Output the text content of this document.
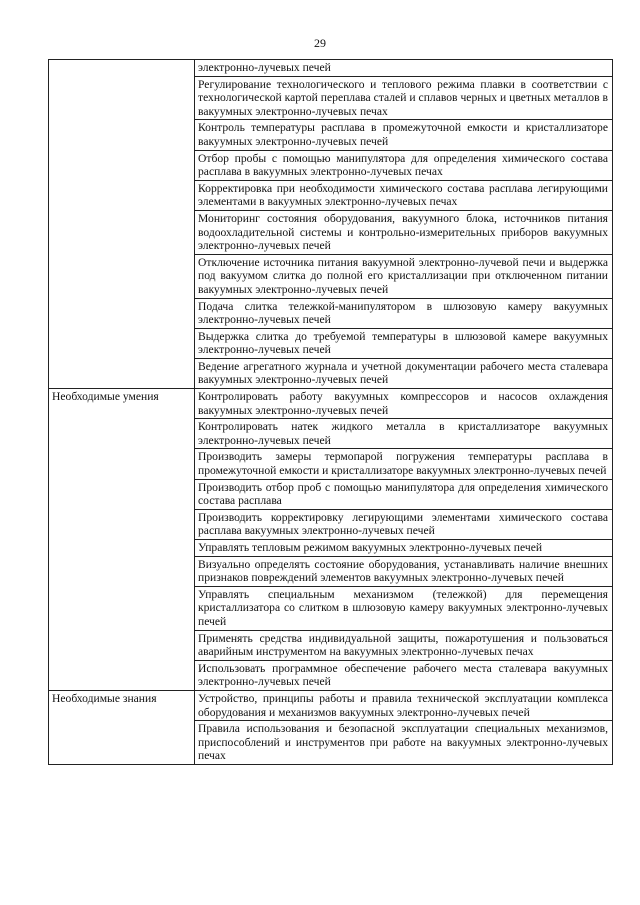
29
	электронно-лучевых печей
	Регулирование технологического и теплового режима плавки в соответствии с технологической картой переплава сталей и сплавов черных и цветных металлов в вакуумных электронно-лучевых печах
	Контроль температуры расплава в промежуточной емкости и кристаллизаторе вакуумных электронно-лучевых печей
	Отбор пробы с помощью манипулятора для определения химического состава расплава в вакуумных электронно-лучевых печах
	Корректировка при необходимости химического состава расплава легирующими элементами в вакуумных электронно-лучевых печах
	Мониторинг состояния оборудования, вакуумного блока, источников питания водоохладительной системы и контрольно-измерительных приборов вакуумных электронно-лучевых печей
	Отключение источника питания вакуумной электронно-лучевой печи и выдержка под вакуумом слитка до полной его кристаллизации при отключенном питании вакуумных электронно-лучевых печей
	Подача слитка тележкой-манипулятором в шлюзовую камеру вакуумных электронно-лучевых печей
	Выдержка слитка до требуемой температуры в шлюзовой камере вакуумных электронно-лучевых печей
	Ведение агрегатного журнала и учетной документации рабочего места сталевара вакуумных электронно-лучевых печей
Необходимые умения	Контролировать работу вакуумных компрессоров и насосов охлаждения вакуумных электронно-лучевых печей
	Контролировать натек жидкого металла в кристаллизаторе вакуумных электронно-лучевых печей
	Производить замеры термопарой погружения температуры расплава в промежуточной емкости и кристаллизаторе вакуумных электронно-лучевых печей
	Производить отбор проб с помощью манипулятора для определения химического состава расплава
	Производить корректировку легирующими элементами химического состава расплава вакуумных электронно-лучевых печей
	Управлять тепловым режимом вакуумных электронно-лучевых печей
	Визуально определять состояние оборудования, устанавливать наличие внешних признаков повреждений элементов вакуумных электронно-лучевых печей
	Управлять специальным механизмом (тележкой) для перемещения кристаллизатора со слитком в шлюзовую камеру вакуумных электронно-лучевых печей
	Применять средства индивидуальной защиты, пожаротушения и пользоваться аварийным инструментом на вакуумных электронно-лучевых печах
	Использовать программное обеспечение рабочего места сталевара вакуумных электронно-лучевых печей
Необходимые знания	Устройство, принципы работы и правила технической эксплуатации комплекса оборудования и механизмов вакуумных электронно-лучевых печей
	Правила использования и безопасной эксплуатации специальных механизмов, приспособлений и инструментов при работе на вакуумных электронно-лучевых печах
